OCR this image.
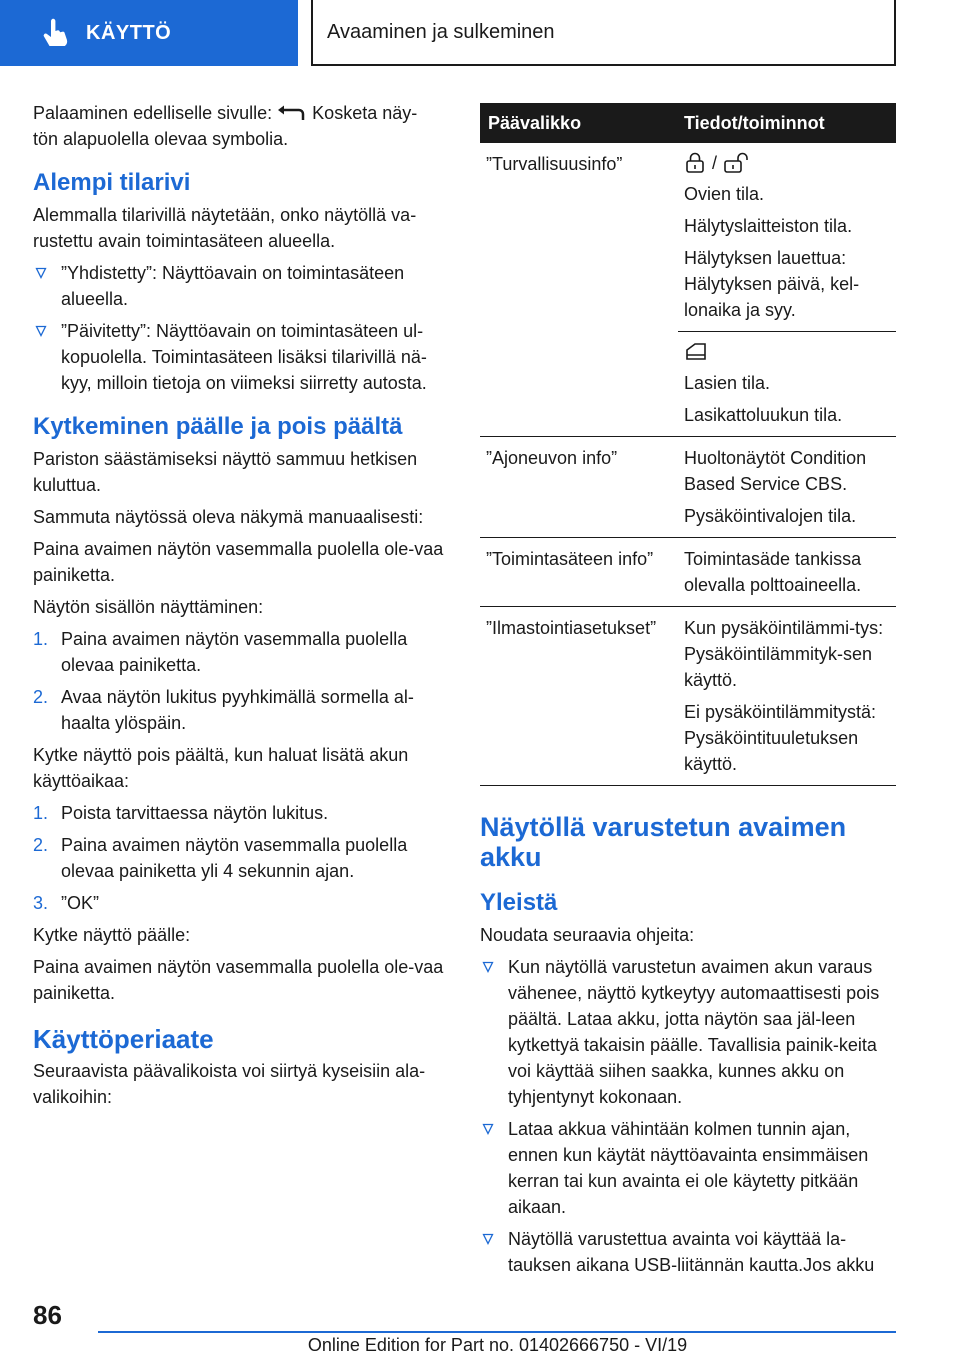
KÄYTTÖ	Avaaminen ja sulkeminen

Palaaminen edelliselle sivulle: Kosketa näy‐
tön alapuolella olevaa symbolia.

Alempi tilarivi

Alemmalla tilarivillä näytetään, onko näytöllä va‐rustettu avain toimintasäteen alueella.

”Yhdistetty”: Näyttöavain on toimintasäteen alueella.
”Päivitetty”: Näyttöavain on toimintasäteen ul‐kopuolella. Toimintasäteen lisäksi tilarivillä nä‐kyy, milloin tietoja on viimeksi siirretty autosta.
Kytkeminen päälle ja pois päältä

Pariston säästämiseksi näyttö sammuu hetkisen kuluttua.

Sammuta näytössä oleva näkymä manuaalisesti:

Paina avaimen näytön vasemmalla puolella ole‐vaa painiketta.

Näytön sisällön näyttäminen:

1. Paina avaimen näytön vasemmalla puolella olevaa painiketta.
2. Avaa näytön lukitus pyyhkimällä sormella al‐haalta ylöspäin.

Kytke näyttö pois päältä, kun haluat lisätä akun käyttöaikaa:

1. Poista tarvittaessa näytön lukitus.
2. Paina avaimen näytön vasemmalla puolella olevaa painiketta yli 4 sekunnin ajan.
3. ”OK”

Kytke näyttö päälle:

Paina avaimen näytön vasemmalla puolella ole‐vaa painiketta.

Käyttöperiaate

Seuraavista päävalikoista voi siirtyä kyseisiin ala‐valikoihin:

Päävalikko	Tiedot/toiminnot
”Turvallisuusinfo”	/

Ovien tila.

Hälytyslaitteiston tila.

Hälytyksen lauettua: Hälytyksen päivä, kel‐lonaika ja syy.

	Lasien tila.

Lasikattoluukun tila.

”Ajoneuvon info”	Huoltonäytöt Condition Based Service CBS.

Pysäköintivalojen tila.

”Toimintasäteen info”	Toimintasäde tankissa olevalla polttoaineella.

”Ilmastointiasetukset”	Kun pysäköintilämmi‐tys: Pysäköintilämmityk‐sen käyttö.

Ei pysäköintilämmitystä: Pysäköintituuletuksen käyttö.

Näytöllä varustetun avaimen akku
Yleistä

Noudata seuraavia ohjeita:

Kun näytöllä varustetun avaimen akun varaus vähenee, näyttö kytkeytyy automaattisesti pois päältä. Lataa akku, jotta näytön saa jäl‐leen kytkettyä takaisin päälle. Tavallisia painik‐keita voi käyttää siihen saakka, kunnes akku on tyhjentynyt kokonaan.
Lataa akkua vähintään kolmen tunnin ajan, ennen kun käytät näyttöavainta ensimmäisen kerran tai kun avainta ei ole käytetty pitkään aikaan.
Näytöllä varustettua avainta voi käyttää la‐tauksen aikana USB-liitännän kautta.Jos akku
86
Online Edition for Part no. 01402666750 - VI/19
